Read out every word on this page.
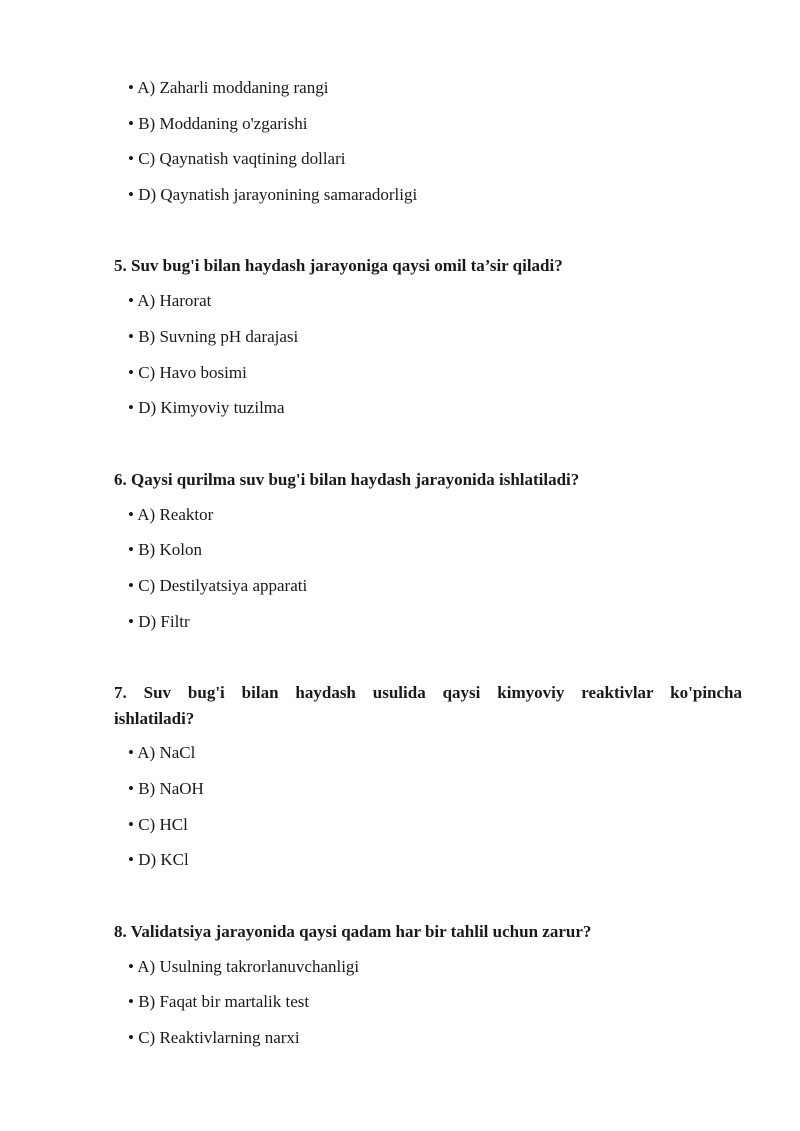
• A) Zaharli moddaning rangi
• B) Moddaning o'zgarishi
• C) Qaynatish vaqtining dollari
• D) Qaynatish jarayonining samaradorligi
5. Suv bug'i bilan haydash jarayoniga qaysi omil ta’sir qiladi?
• A) Harorat
• B) Suvning pH darajasi
• C) Havo bosimi
• D) Kimyoviy tuzilma
6. Qaysi qurilma suv bug'i bilan haydash jarayonida ishlatiladi?
• A) Reaktor
• B) Kolon
• C) Destilyatsiya apparati
• D) Filtr
7. Suv bug'i bilan haydash usulida qaysi kimyoviy reaktivlar ko'pincha
ishlatiladi?
• A) NaCl
• B) NaOH
• C) HCl
• D) KCl
8. Validatsiya jarayonida qaysi qadam har bir tahlil uchun zarur?
• A) Usulning takrorlanuvchanligi
• B) Faqat bir martalik test
• C) Reaktivlarning narxi
